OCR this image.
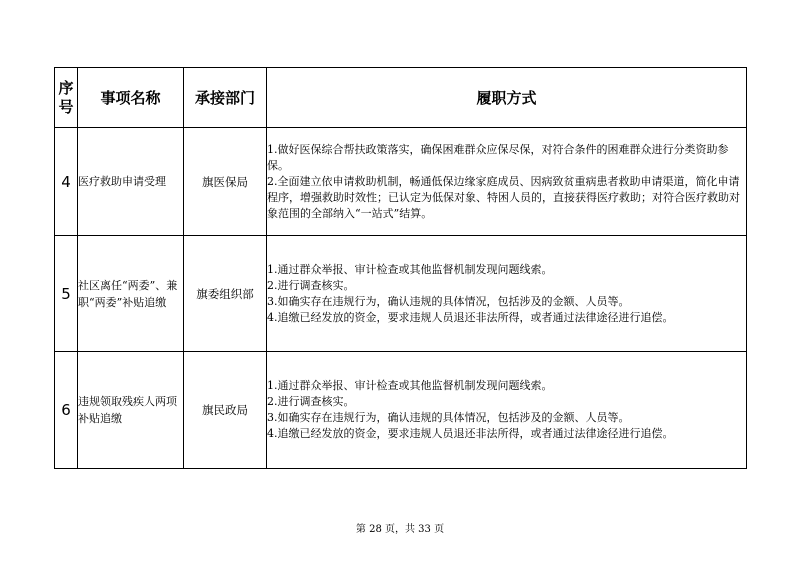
序
号	事项名称	承接部门	履职方式
4	医疗救助申请受理	旗医保局	1.做好医保综合帮扶政策落实，确保困难群众应保尽保，对符合条件的困难群众进行分类资助参保。
2.全面建立依申请救助机制，畅通低保边缘家庭成员、因病致贫重病患者救助申请渠道，简化申请程序，增强救助时效性；已认定为低保对象、特困人员的，直接获得医疗救助；对符合医疗救助对象范围的全部纳入“一站式”结算。

5	社区离任“两委”、兼职“两委”补贴追缴	旗委组织部	1.通过群众举报、审计检查或其他监督机制发现问题线索。
2.进行调查核实。
3.如确实存在违规行为，确认违规的具体情况，包括涉及的金额、人员等。
4.追缴已经发放的资金，要求违规人员退还非法所得，或者通过法律途径进行追偿。

6	违规领取残疾人两项补贴追缴	旗民政局	1.通过群众举报、审计检查或其他监督机制发现问题线索。
2.进行调查核实。
3.如确实存在违规行为，确认违规的具体情况，包括涉及的金额、人员等。
4.追缴已经发放的资金，要求违规人员退还非法所得，或者通过法律途径进行追偿。
第 28 页，共 33 页
